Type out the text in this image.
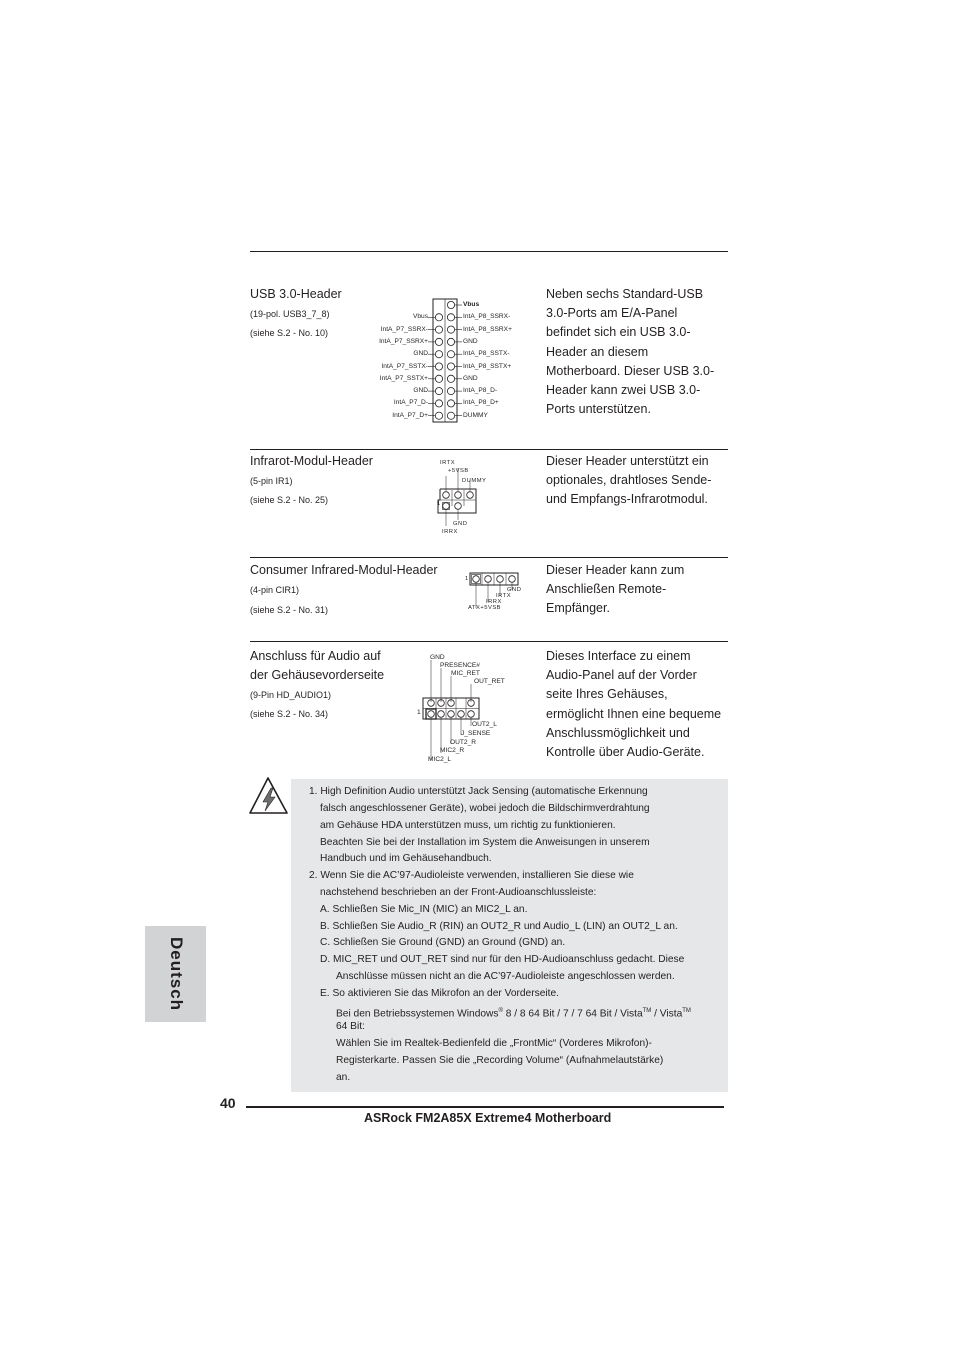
USB 3.0-Header
(19-pol. USB3_7_8)
(siehe S.2 - No. 10)
Vbus
IntA_P7_SSRX-
IntA_P7_SSRX+
GND
IntA_P7_SSTX-
IntA_P7_SSTX+
GND
IntA_P7_D-
IntA_P7_D+
Vbus
IntA_P8_SSRX-
IntA_P8_SSRX+
GND
IntA_P8_SSTX-
IntA_P8_SSTX+
GND
IntA_P8_D-
IntA_P8_D+
DUMMY
Neben sechs Standard-USB
3.0-Ports am E/A-Panel
befindet sich ein USB 3.0-
Header an diesem
Motherboard. Dieser USB 3.0-
Header kann zwei USB 3.0-
Ports unterstützen.
Infrarot-Modul-Header
(5-pin IR1)
(siehe S.2 - No. 25)
IRTX
+5VSB
DUMMY
1
GND
IRRX
Dieser Header unterstützt ein
optionales, drahtloses Sende-
und Empfangs-Infrarotmodul.
Consumer Infrared-Modul-Header
(4-pin CIR1)
(siehe S.2 - No. 31)
1
GND
IRTX
IRRX
ATX+5VSB
Dieser Header kann zum
Anschließen Remote-
Empfänger.
Anschluss für Audio auf
der Gehäusevorderseite
(9-Pin HD_AUDIO1)
(siehe S.2 - No. 34)
GND
PRESENCE#
MIC_RET
OUT_RET
1
OUT2_L
J_SENSE
OUT2_R
MIC2_R
MIC2_L
Dieses Interface zu einem
Audio-Panel auf der Vorder
seite Ihres Gehäuses,
ermöglicht Ihnen eine bequeme
Anschlussmöglichkeit und
Kontrolle über Audio-Geräte.
1. High Definition Audio unterstützt Jack Sensing (automatische Erkennung
falsch angeschlossener Geräte), wobei jedoch die Bildschirmverdrahtung
am Gehäuse HDA unterstützen muss, um richtig zu funktionieren.
Beachten Sie bei der Installation im System die Anweisungen in unserem
Handbuch und im Gehäusehandbuch.
2. Wenn Sie die AC’97-Audioleiste verwenden, installieren Sie diese wie
nachstehend beschrieben an der Front-Audioanschlussleiste:
A. Schließen Sie Mic_IN (MIC) an MIC2_L an.
B. Schließen Sie Audio_R (RIN) an OUT2_R und Audio_L (LIN) an OUT2_L an.
C. Schließen Sie Ground (GND) an Ground (GND) an.
D. MIC_RET und OUT_RET sind nur für den HD-Audioanschluss gedacht. Diese
Anschlüsse müssen nicht an die AC’97-Audioleiste angeschlossen werden.
E. So aktivieren Sie das Mikrofon an der Vorderseite.
Bei den Betriebssystemen Windows® 8 / 8 64 Bit / 7 / 7 64 Bit / Vista™ / Vista™
64 Bit:
Wählen Sie im Realtek-Bedienfeld die „FrontMic“ (Vorderes Mikrofon)-
Registerkarte. Passen Sie die „Recording Volume“ (Aufnahmelautstärke)
an.
Deutsch
40
ASRock FM2A85X Extreme4 Motherboard
